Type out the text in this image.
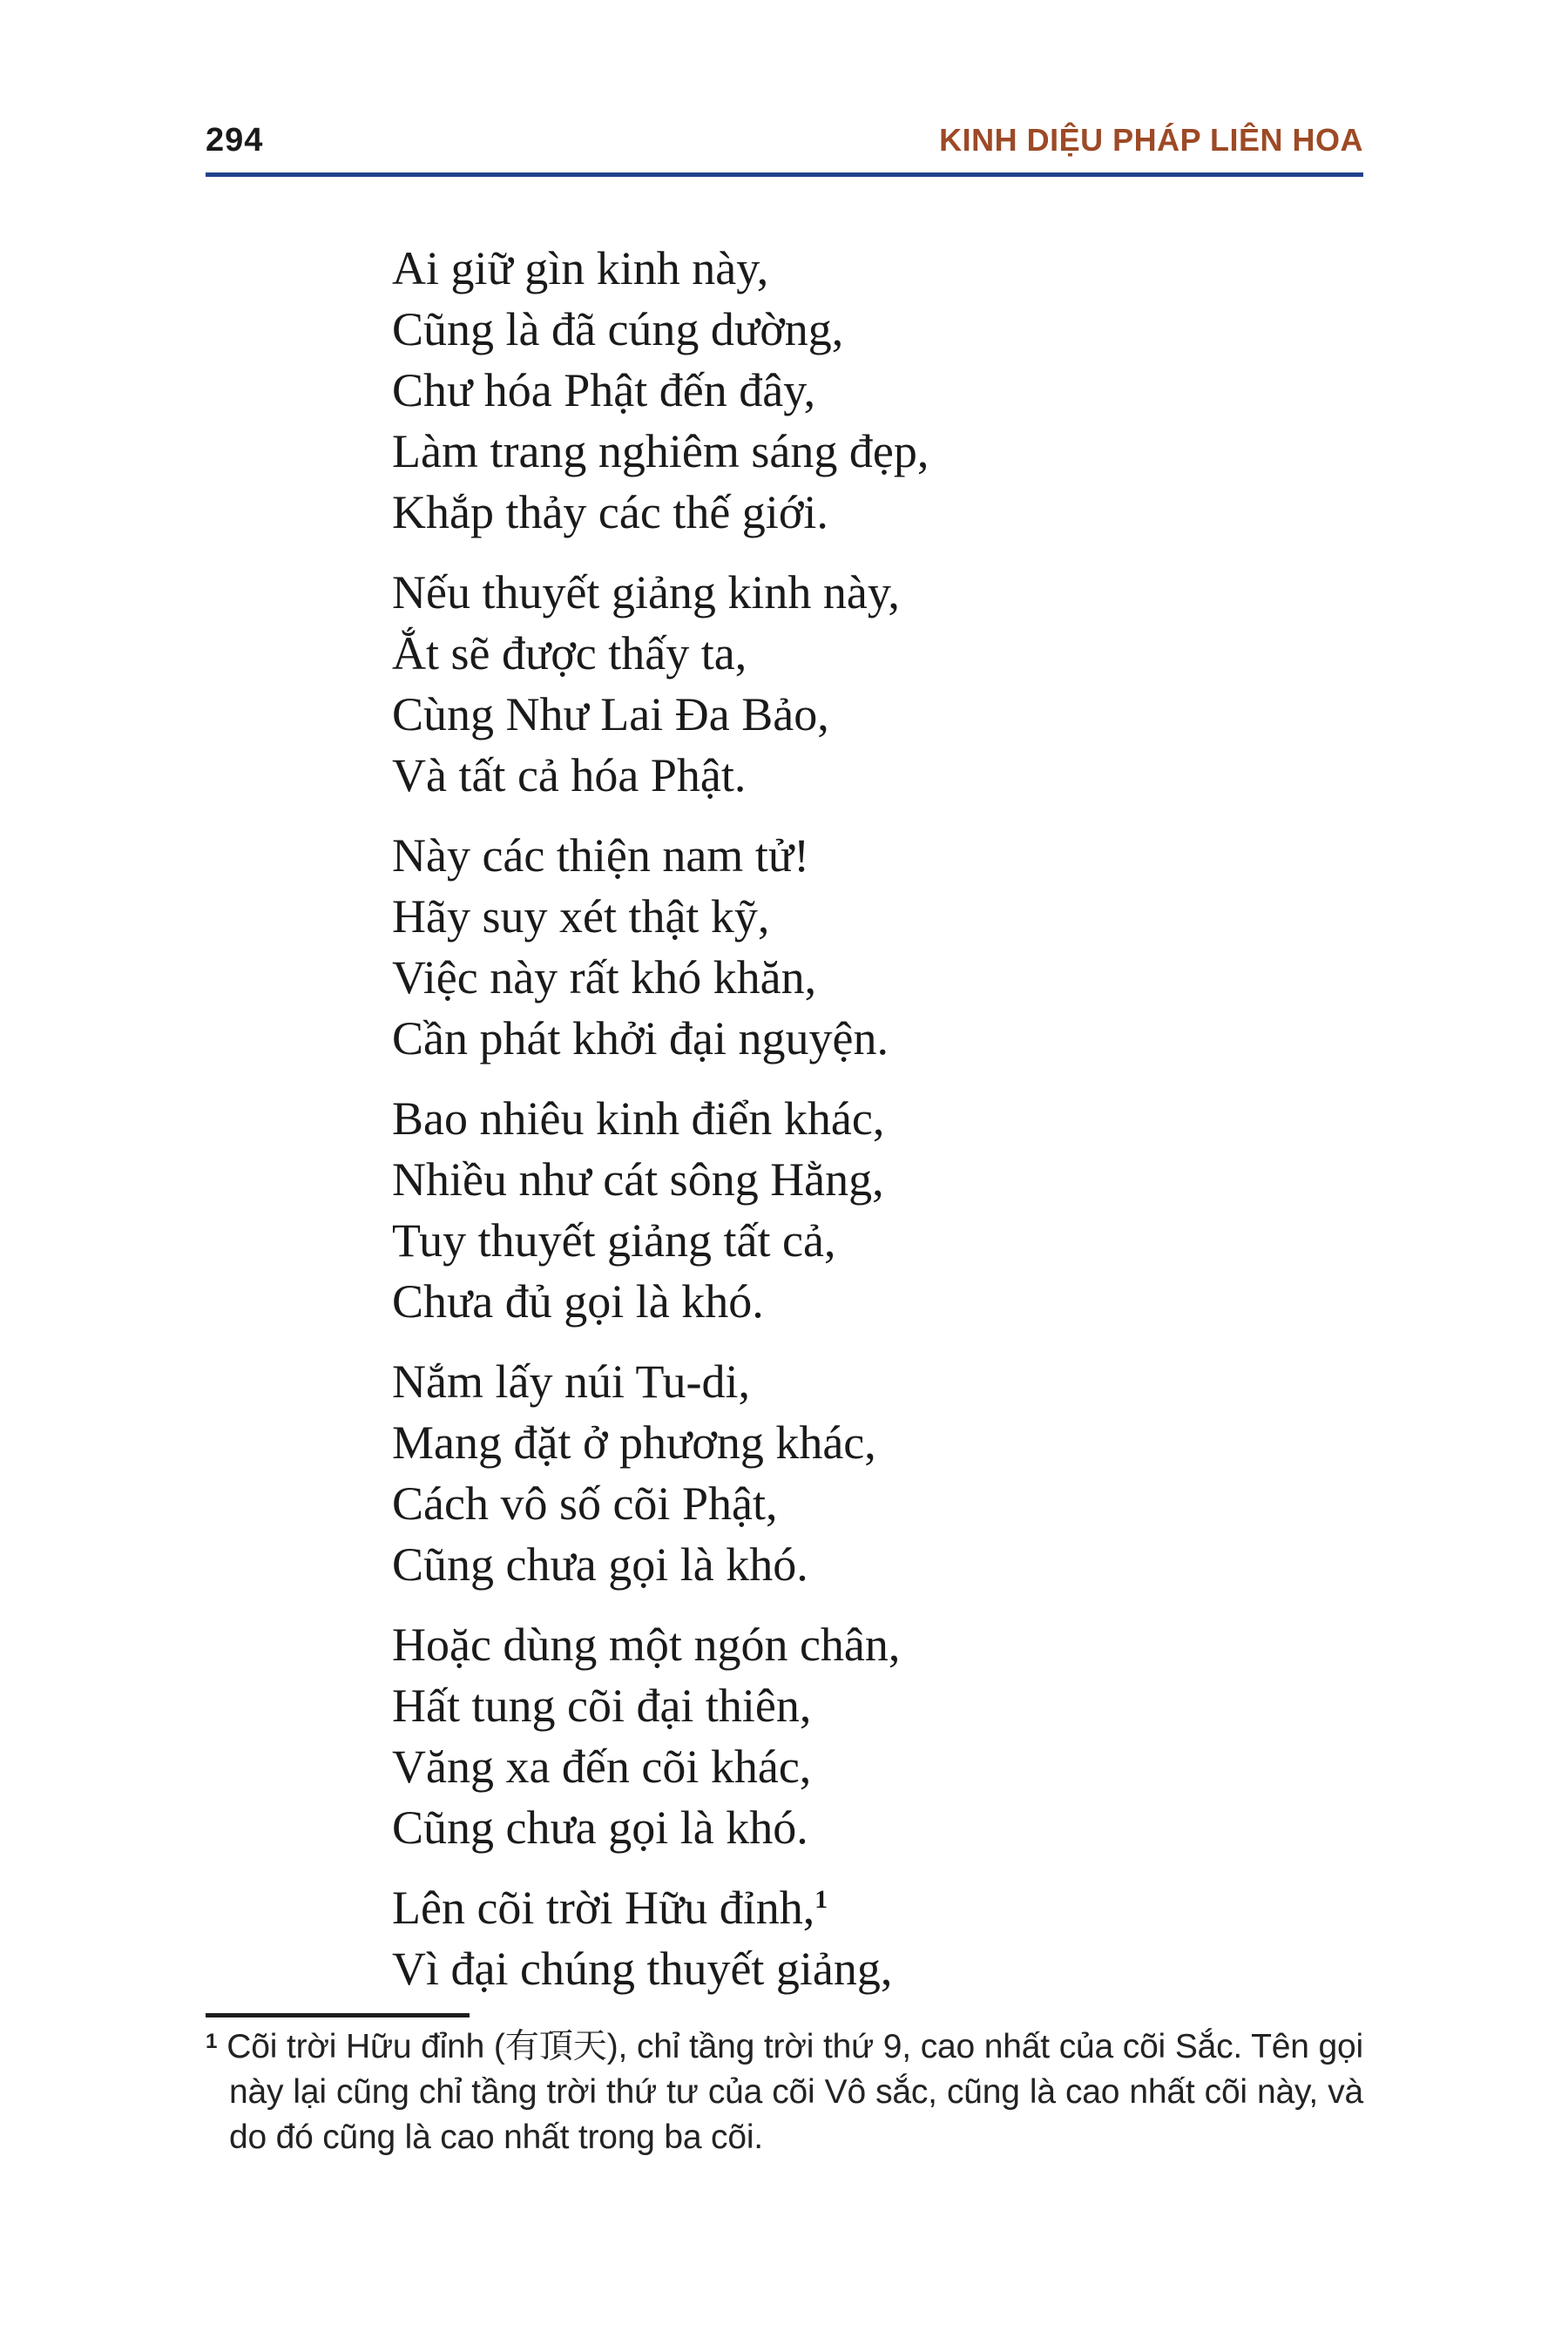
294	KINH DIỆU PHÁP LIÊN HOA
Ai giữ gìn kinh này,
Cũng là đã cúng dường,
Chư hóa Phật đến đây,
Làm trang nghiêm sáng đẹp,
Khắp thảy các thế giới.
Nếu thuyết giảng kinh này,
Ắt sẽ được thấy ta,
Cùng Như Lai Đa Bảo,
Và tất cả hóa Phật.
Này các thiện nam tử!
Hãy suy xét thật kỹ,
Việc này rất khó khăn,
Cần phát khởi đại nguyện.
Bao nhiêu kinh điển khác,
Nhiều như cát sông Hằng,
Tuy thuyết giảng tất cả,
Chưa đủ gọi là khó.
Nắm lấy núi Tu-di,
Mang đặt ở phương khác,
Cách vô số cõi Phật,
Cũng chưa gọi là khó.
Hoặc dùng một ngón chân,
Hất tung cõi đại thiên,
Văng xa đến cõi khác,
Cũng chưa gọi là khó.
Lên cõi trời Hữu đỉnh,$^1$
Vì đại chúng thuyết giảng,
$^1$ Cõi trời Hữu đỉnh (有頂天), chỉ tầng trời thứ 9, cao nhất của cõi Sắc. Tên gọi này lại cũng chỉ tầng trời thứ tư của cõi Vô sắc, cũng là cao nhất cõi này, và do đó cũng là cao nhất trong ba cõi.
